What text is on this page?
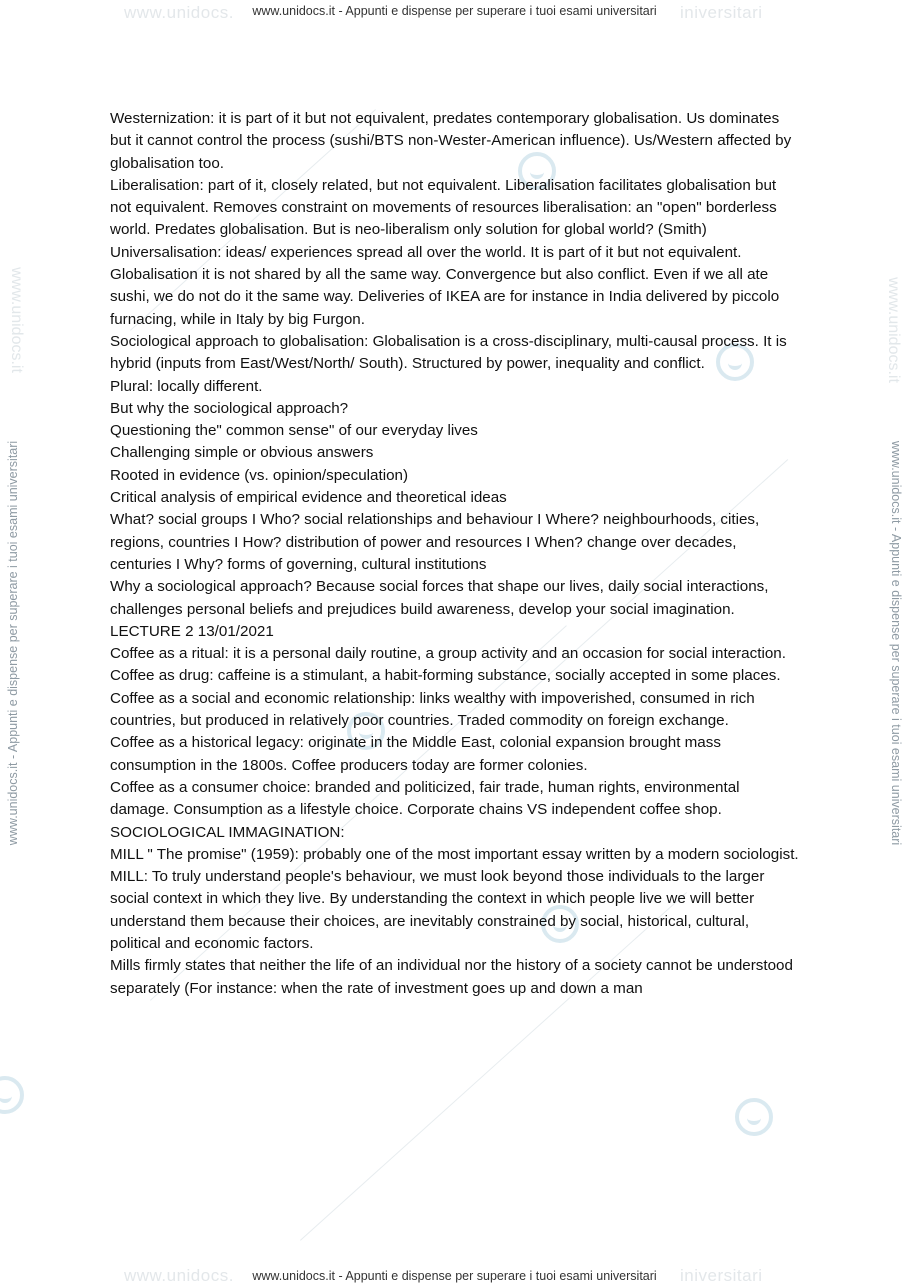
www.unidocs.	iniversitari
www.unidocs.it - Appunti e dispense per superare i tuoi esami universitari
www.unidocs.it - Appunti e dispense per superare i tuoi esami universitari	www.unidocs.it - Appunti e dispense per superare i tuoi esami universitari
www.unidocs.it	www.unidocs.it

Westernization: it is part of it but not equivalent, predates contemporary globalisation. Us dominates but it cannot control the process (sushi/BTS non-Wester-American influence). Us/Western affected by globalisation too.

Liberalisation: part of it, closely related, but not equivalent. Liberalisation facilitates globalisation but not equivalent. Removes constraint on movements of resources liberalisation: an "open" borderless world. Predates globalisation. But is neo-liberalism only solution for global world? (Smith)

Universalisation: ideas/ experiences spread all over the world. It is part of it but not equivalent. Globalisation it is not shared by all the same way. Convergence but also conflict. Even if we all ate sushi, we do not do it the same way. Deliveries of IKEA are for instance in India delivered by piccolo furnacing, while in Italy by big Furgon.

Sociological approach to globalisation: Globalisation is a cross-disciplinary, multi-causal process. It is hybrid (inputs from East/West/North/ South). Structured by power, inequality and conflict.

Plural: locally different.

But why the sociological approach?

Questioning the" common sense" of our everyday lives

Challenging simple or obvious answers

Rooted in evidence (vs. opinion/speculation)

Critical analysis of empirical evidence and theoretical ideas

What? social groups I Who? social relationships and behaviour I Where? neighbourhoods, cities, regions, countries I How? distribution of power and resources I When? change over decades, centuries I Why? forms of governing, cultural institutions

Why a sociological approach? Because social forces that shape our lives, daily social interactions, challenges personal beliefs and prejudices build awareness, develop your social imagination.

LECTURE 2 13/01/2021

Coffee as a ritual: it is a personal daily routine, a group activity and an occasion for social interaction.

Coffee as drug: caffeine is a stimulant, a habit-forming substance, socially accepted in some places.

Coffee as a social and economic relationship: links wealthy with impoverished, consumed in rich countries, but produced in relatively poor countries. Traded commodity on foreign exchange.

Coffee as a historical legacy: originate in the Middle East, colonial expansion brought mass consumption in the 1800s. Coffee producers today are former colonies.

Coffee as a consumer choice: branded and politicized, fair trade, human rights, environmental damage. Consumption as a lifestyle choice. Corporate chains VS independent coffee shop.

SOCIOLOGICAL IMMAGINATION:

MILL " The promise" (1959): probably one of the most important essay written by a modern sociologist.

MILL: To truly understand people's behaviour, we must look beyond those individuals to the larger social context in which they live. By understanding the context in which people live we will better understand them because their choices, are inevitably constrained by social, historical, cultural, political and economic factors.

Mills firmly states that neither the life of an individual nor the history of a society cannot be understood separately (For instance: when the rate of investment goes up and down a man

www.unidocs.	iniversitari
www.unidocs.it - Appunti e dispense per superare i tuoi esami universitari
